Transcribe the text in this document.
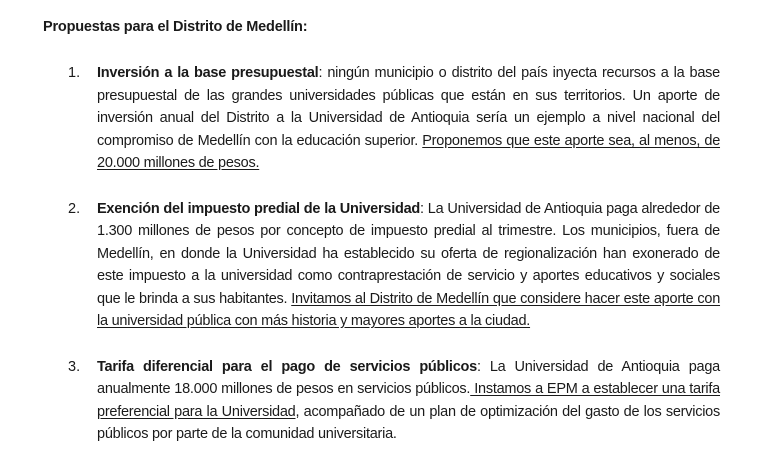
Propuestas para el Distrito de Medellín:

1. Inversión a la base presupuestal: ningún municipio o distrito del país inyecta recursos a la base presupuestal de las grandes universidades públicas que están en sus territorios. Un aporte de inversión anual del Distrito a la Universidad de Antioquia sería un ejemplo a nivel nacional del compromiso de Medellín con la educación superior. Proponemos que este aporte sea, al menos, de 20.000 millones de pesos.

2. Exención del impuesto predial de la Universidad: La Universidad de Antioquia paga alrededor de 1.300 millones de pesos por concepto de impuesto predial al trimestre. Los municipios, fuera de Medellín, en donde la Universidad ha establecido su oferta de regionalización han exonerado de este impuesto a la universidad como contraprestación de servicio y aportes educativos y sociales que le brinda a sus habitantes. Invitamos al Distrito de Medellín que considere hacer este aporte con la universidad pública con más historia y mayores aportes a la ciudad.

3. Tarifa diferencial para el pago de servicios públicos: La Universidad de Antioquia paga anualmente 18.000 millones de pesos en servicios públicos. Instamos a EPM a establecer una tarifa preferencial para la Universidad, acompañado de un plan de optimización del gasto de los servicios públicos por parte de la comunidad universitaria.
